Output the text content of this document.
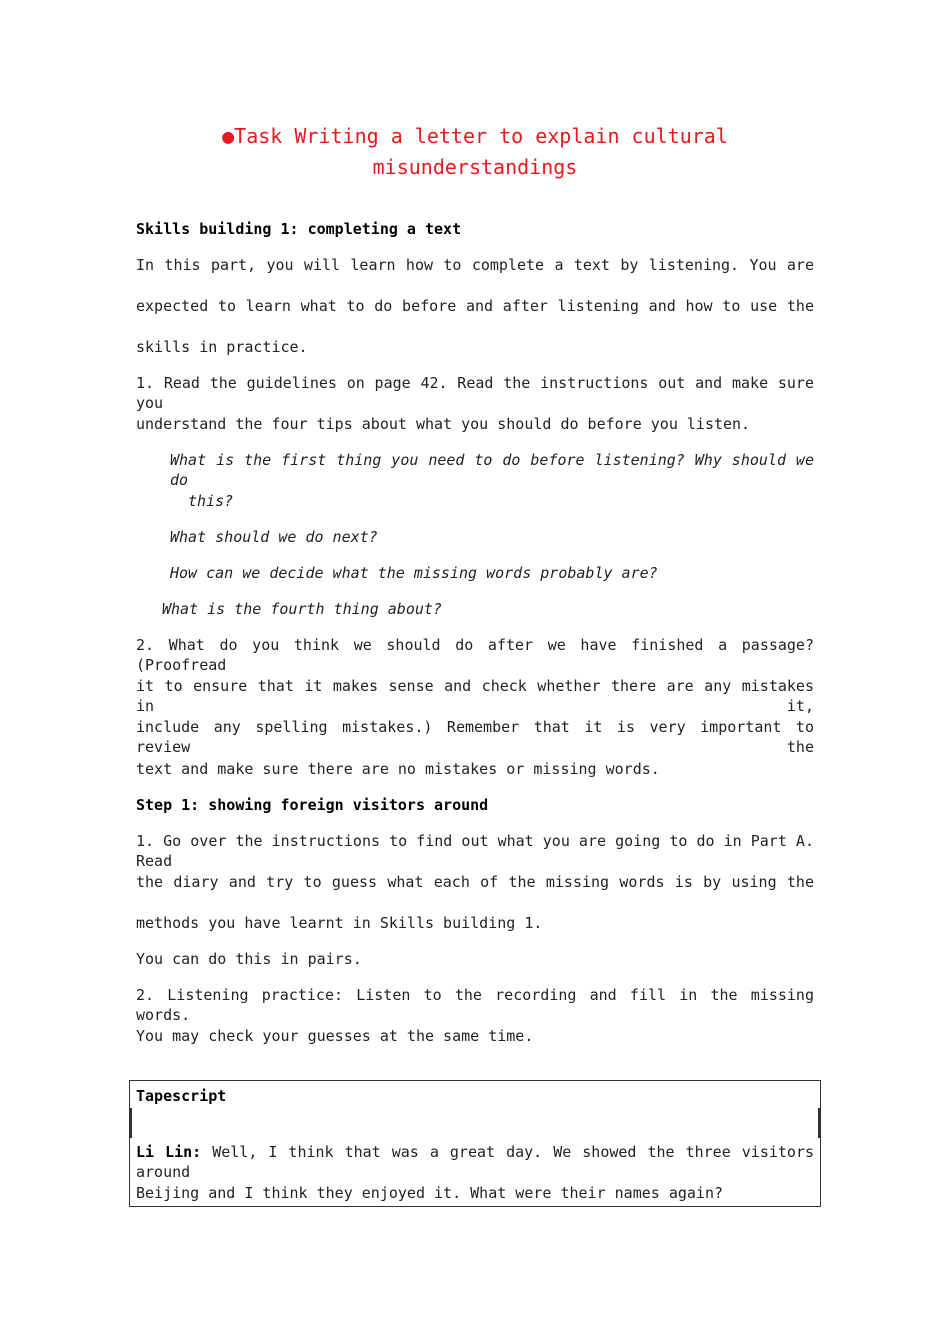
●Task Writing a letter to explain cultural
misunderstandings
Skills building 1: completing a text
In this part, you will learn how to complete a text by listening. You are
expected to learn what to do before and after listening and how to use the
skills in practice.
1. Read the guidelines on page 42. Read the instructions out and make sure you
understand the four tips about what you should do before you listen.
What is the first thing you need to do before listening? Why should we do
this?
What should we do next?
How can we decide what the missing words probably are?
What is the fourth thing about?
2. What do you think we should do after we have finished a passage? (Proofread
it to ensure that it makes sense and check whether there are any mistakes in it,
include any spelling mistakes.) Remember that it is very important to review the
text and make sure there are no mistakes or missing words.
Step 1: showing foreign visitors around
1. Go over the instructions to find out what you are going to do in Part A. Read
the diary and try to guess what each of the missing words is by using the
methods you have learnt in Skills building 1.
You can do this in pairs.
2. Listening practice: Listen to the recording and fill in the missing words.
You may check your guesses at the same time.
Tapescript
Li Lin: Well, I think that was a great day. We showed the three visitors around
Beijing and I think they enjoyed it. What were their names again?
